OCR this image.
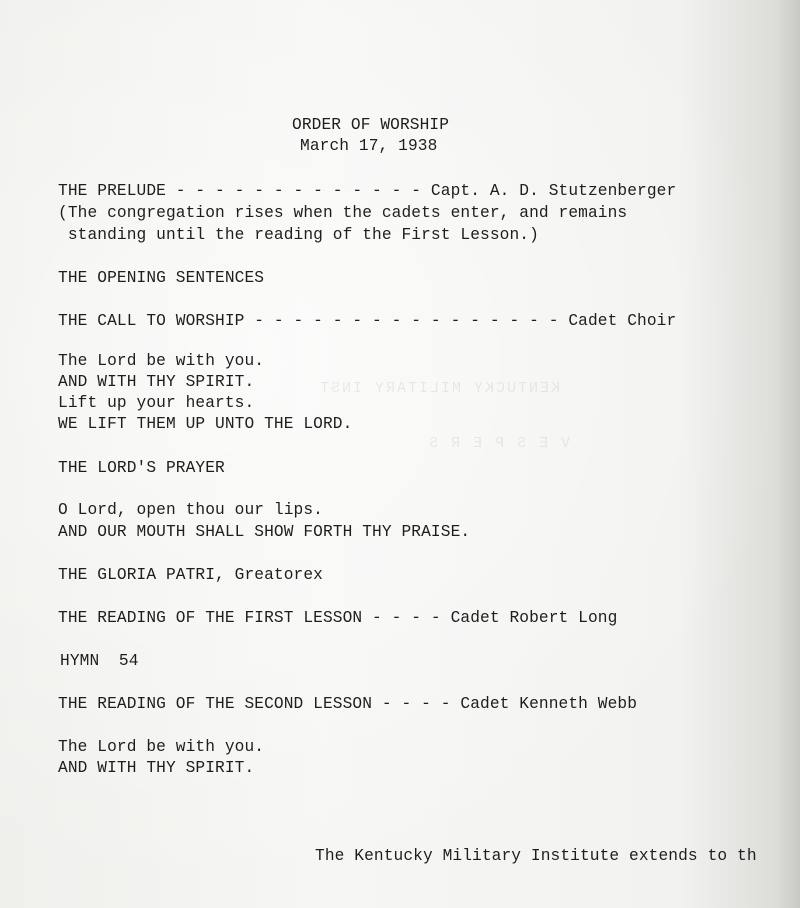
KENTUCKY MILITARY INST
V E S P E R S
ORDER OF WORSHIP
March 17, 1938
THE PRELUDE - - - - - - - - - - - - - Capt. A. D. Stutzenberger
(The congregation rises when the cadets enter, and remains
standing until the reading of the First Lesson.)
THE OPENING SENTENCES
THE CALL TO WORSHIP - - - - - - - - - - - - - - - - Cadet Choir
The Lord be with you.
AND WITH THY SPIRIT.
Lift up your hearts.
WE LIFT THEM UP UNTO THE LORD.
THE LORD'S PRAYER
O Lord, open thou our lips.
AND OUR MOUTH SHALL SHOW FORTH THY PRAISE.
THE GLORIA PATRI, Greatorex
THE READING OF THE FIRST LESSON - - - - Cadet Robert Long
HYMN  54
THE READING OF THE SECOND LESSON - - - - Cadet Kenneth Webb
The Lord be with you.
AND WITH THY SPIRIT.
The Kentucky Military Institute extends to th
